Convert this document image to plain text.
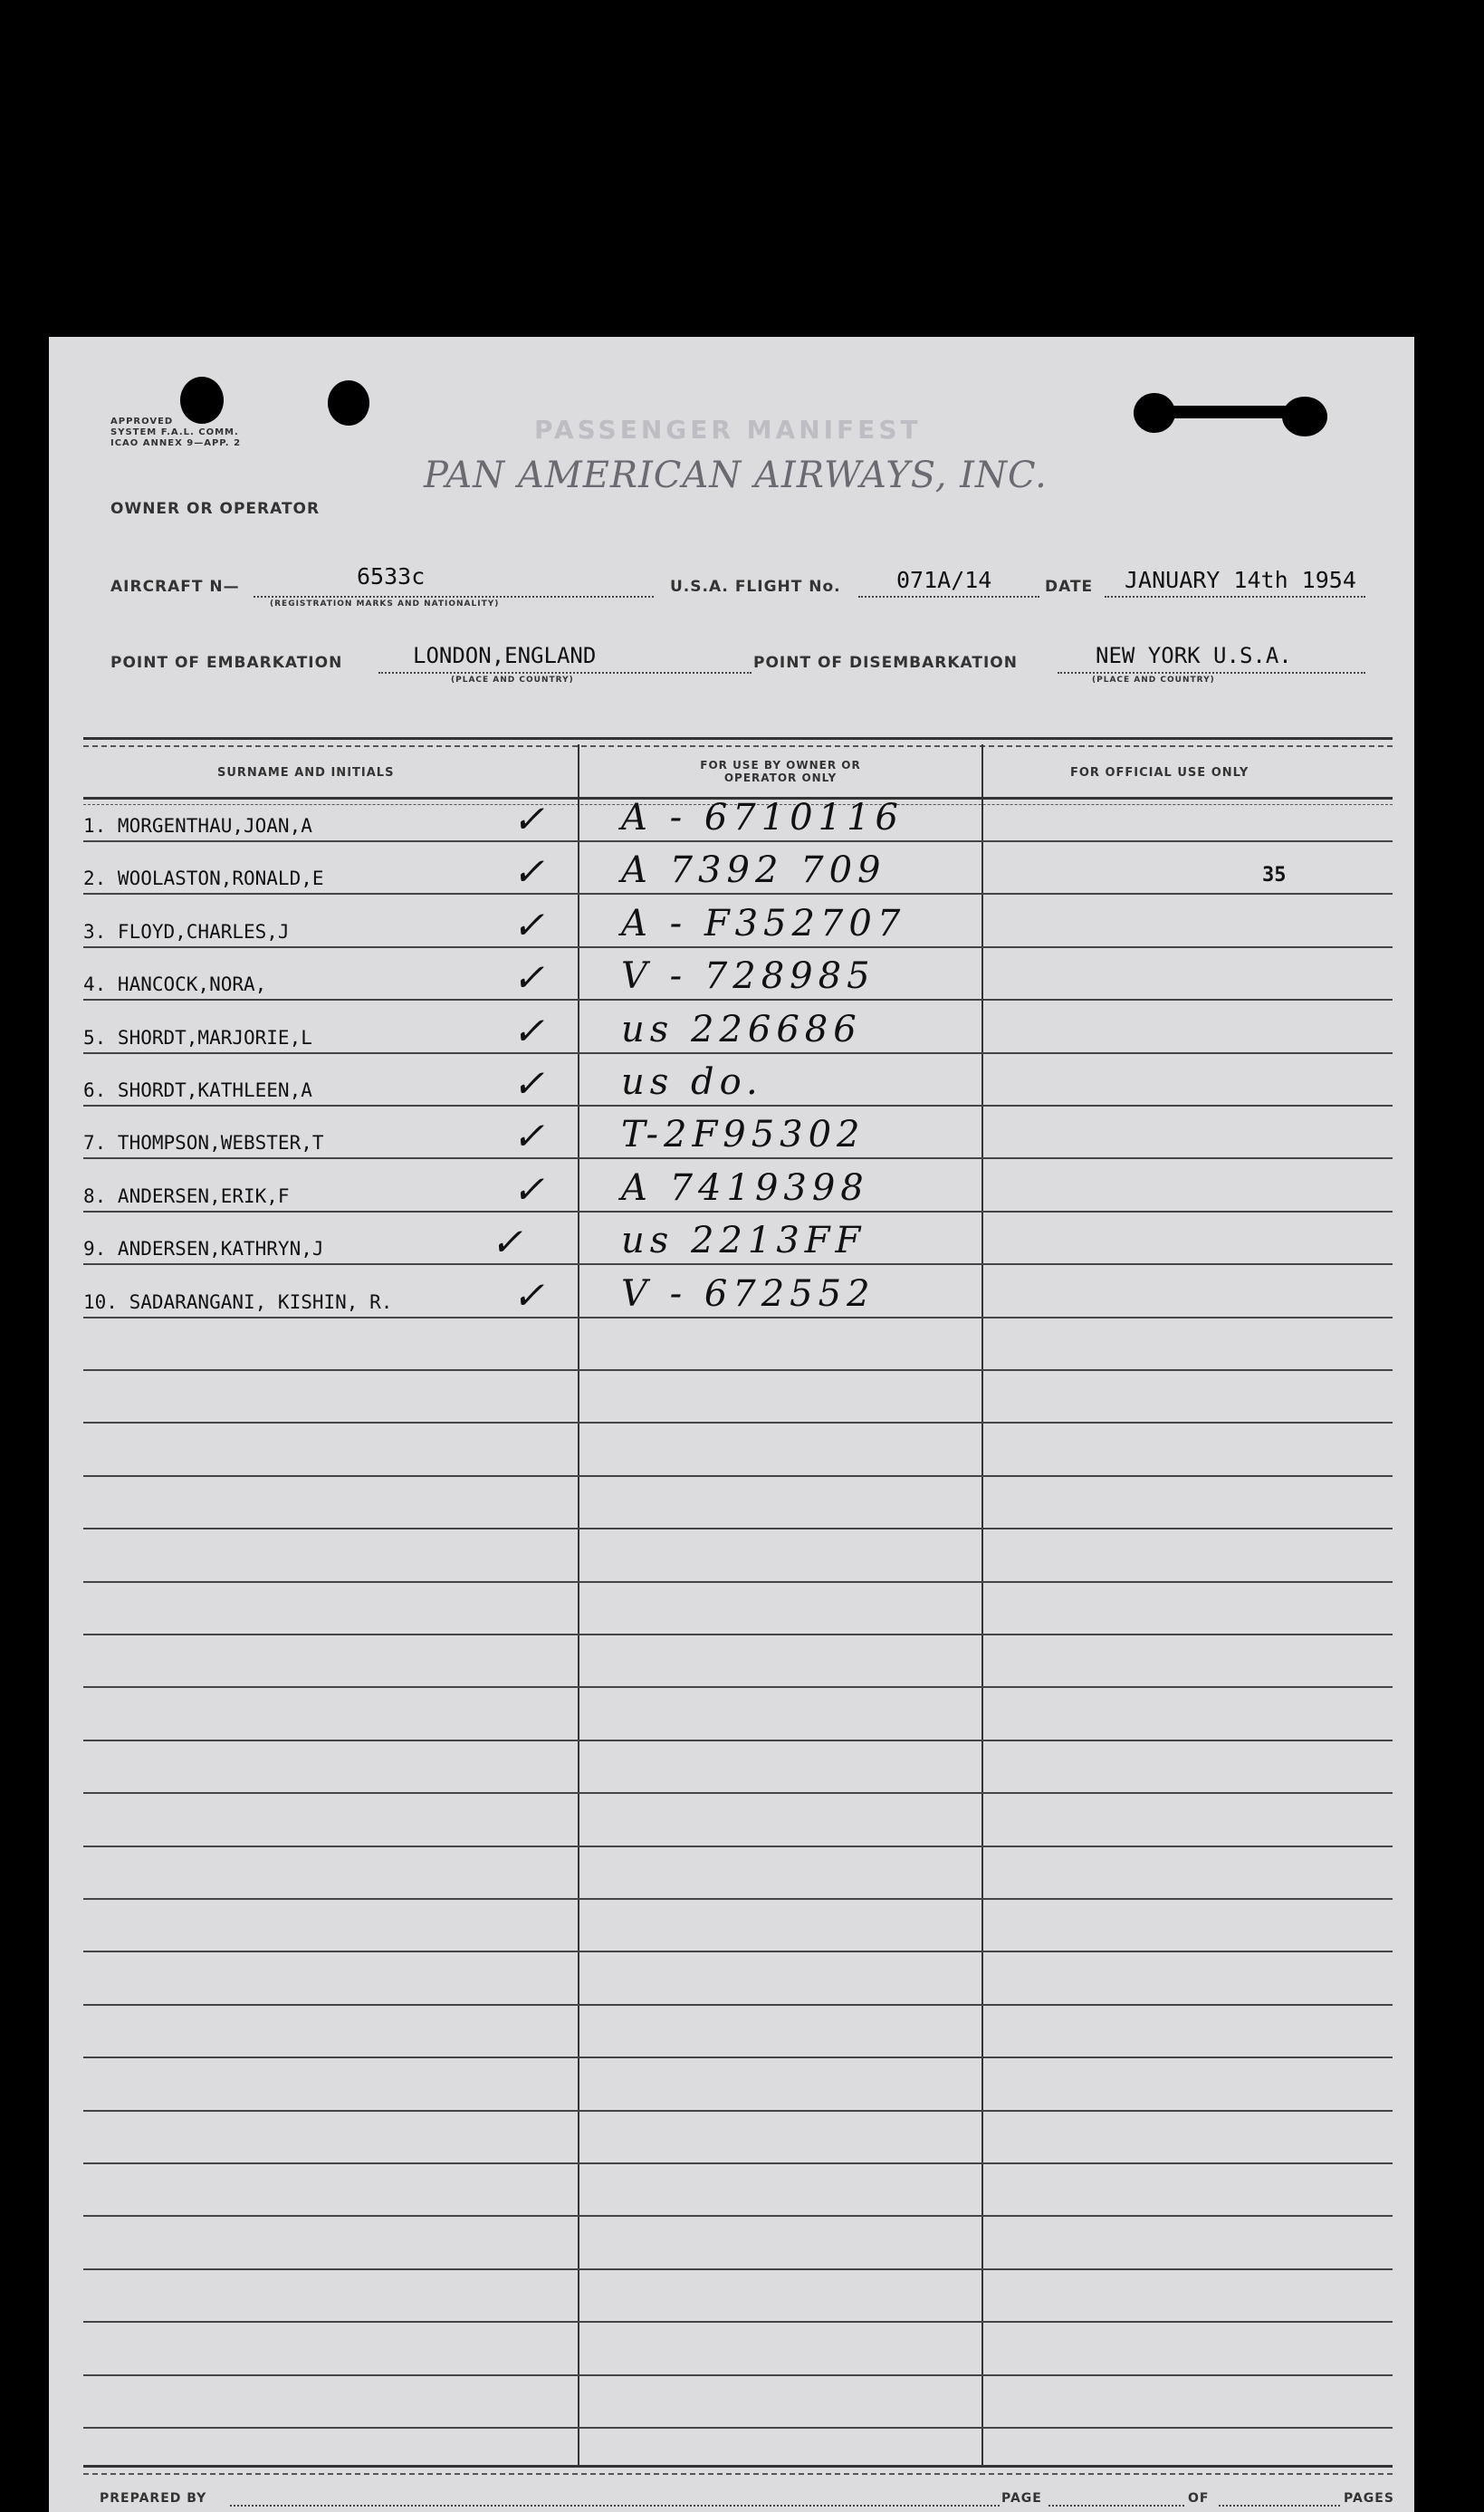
APPROVED
SYSTEM F.A.L. COMM.
ICAO ANNEX 9—APP. 2	PASSENGER MANIFEST
PAN AMERICAN AIRWAYS, INC.
OWNER OR OPERATOR
AIRCRAFT N—	6533c
(REGISTRATION MARKS AND NATIONALITY)
U.S.A. FLIGHT No. 071A/14	DATE JANUARY 14th 1954
POINT OF EMBARKATION	LONDON,ENGLAND
(PLACE AND COUNTRY)
POINT OF DISEMBARKATION	NEW YORK U.S.A.
(PLACE AND COUNTRY)
SURNAME AND INITIALS
FOR USE BY OWNER OR OPERATOR ONLY	FOR OFFICIAL USE ONLY
1. MORGENTHAU,JOAN,A	✓ A - 6710116
2. WOOLASTON,RONALD,E	✓ A 7392 709	35
3. FLOYD,CHARLES,J	✓ A - F352707
4. HANCOCK,NORA,	✓ V - 728985
5. SHORDT,MARJORIE,L	✓ us 226686
6. SHORDT,KATHLEEN,A	✓ us do.
7. THOMPSON,WEBSTER,T	✓ T-2F95302
8. ANDERSEN,ERIK,F	✓ A 7419398
9. ANDERSEN,KATHRYN,J	✓	us 2213FF
10. SADARANGANI, KISHIN, R.	✓ V - 672552
PREPARED BY	PAGE	OF	PAGES
